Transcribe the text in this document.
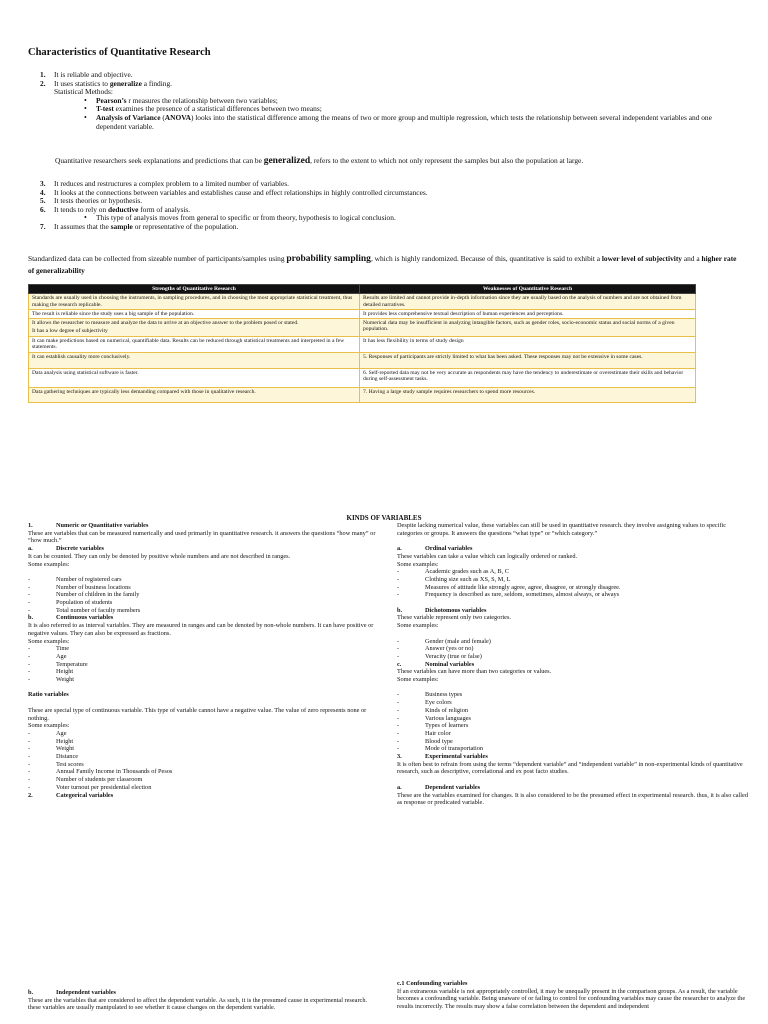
Characteristics of Quantitative Research
1. It is reliable and objective.
2. It uses statistics to generalize a finding.
Statistical Methods:
• Pearson’s r measures the relationship between two variables;
• T-test examines the presence of a statistical differences between two means;
• Analysis of Variance (ANOVA) looks into the statistical difference among the means of two or more group and multiple regression, which tests the relationship between several independent variables and one dependent variable.
Quantitative researchers seek explanations and predictions that can be generalized, refers to the extent to which not only represent the samples but also the population at large.
3. It reduces and restructures a complex problem to a limited number of variables.
4. It looks at the connections between variables and establishes cause and effect relationships in highly controlled circumstances.
5. It tests theories or hypothesis.
6. It tends to rely on deductive form of analysis.
• This type of analysis moves from general to specific or from theory, hypothesis to logical conclusion.
7. It assumes that the sample or representative of the population.
Standardized data can be collected from sizeable number of participants/samples using probability sampling, which is highly randomized. Because of this, quantitative is said to exhibit a lower level of subjectivity and a higher rate of generalizability
Strengths of Quantitative Research	Weaknesses of Quantitative Research
Standards are usually used in choosing the instruments, in sampling procedures, and in choosing the most appropriate statistical treatment, thus making the research replicable.	Results are limited and cannot provide in-depth information since they are usually based on the analysis of numbers and are not obtained from detailed narratives.
The result is reliable since the study uses a big sample of the population.	It provides less comprehensive textual description of human experiences and perceptions.
It allows the researcher to measure and analyze the data to arrive at an objective answer to the problem posed or stated.	Numerical data may be insufficient in analyzing intangible factors, such as gender roles, socio-economic status and social norms of a given population.
It has a low degree of subjectivity	
It can make predictions based on numerical, quantifiable data. Results can be reduced through statistical treatments and interpreted in a few statements.	It has less flexibility in terms of study design
It can establish causality more conclusively.	5. Responses of participants are strictly limited to what has been asked. These responses may not be extensive in some cases.
Data analysis using statistical software is faster.	6. Self-reported data may not be very accurate as respondents may have the tendency to underestimate or overestimate their skills and behavior during self-assessment tasks.
Data gathering techniques are typically less demanding compared with those in qualitative research.	7. Having a large study sample requires researchers to spend more resources.
KINDS OF VARIABLES
1.	Numeric or Quantitative variables
These are variables that can be measured numerically and used primarily in quantitative research. it answers the questions “how many” or “how much.”
a.	Discrete variables
It can be counted. They can only be denoted by positive whole numbers and are not described in ranges.
Some examples:
- Number of registered cars
- Number of business locations
- Number of children in the family
- Population of students
- Total number of faculty members
b.	Continuous variables
It is also referred to as interval variables. They are measured in ranges and can be denoted by non-whole numbers. It can have positive or negative values. They can also be expressed as fractions.
Some examples:
- Time
- Age
- Temperature
- Height
- Weight
Ratio variables
These are special type of continuous variable. This type of variable cannot have a negative value. The value of zero represents none or nothing.
Some examples:
- Age
- Height
- Weight
- Distance
- Test scores
- Annual Family Income in Thousands of Pesos
- Number of students per classroom
- Voter turnout per presidential election
2.	Categorical variables
Despite lacking numerical value, these variables can still be used in quantitative research. they involve assigning values to specific categories or groups. It answers the questions “what type” or “which category.”
a.	Ordinal variables
These variables can take a value which can logically ordered or ranked.
Some examples:
- Academic grades such as A, B, C
- Clothing size such as XS, S, M, L
- Measures of attitude like strongly agree, agree, disagree, or strongly disagree.
- Frequency is described as rare, seldom, sometimes, almost always, or always
b.	Dichotomous variables
These variable represent only two categories.
Some examples:
- Gender (male and female)
- Answer (yes or no)
- Veracity (true or false)
c.	Nominal variables
These variables can have more than two categories or values.
Some examples:
- Business types
- Eye colors
- Kinds of religion
- Various languages
- Types of learners
- Hair color
- Blood type
- Mode of transportation
3.	Experimental variables
It is often best to refrain from using the terms “dependent variable” and “independent variable” in non-experimental kinds of quantitative research, such as descriptive, correlational and ex post facto studies.
a.	Dependent variables
These are the variables examined for changes. It is also considered to be the presumed effect in experimental research. thus, it is also called as response or predicated variable.
b.	Independent variables
These are the variables that are considered to affect the dependent variable. As such, it is the presumed cause in experimental research. these variables are usually manipulated to see whether it cause changes on the dependent variable.
c.1 Confounding variables
If an extraneous variable is not appropriately controlled, it may be unequally present in the comparison groups. As a result, the variable becomes a confounding variable. Being unaware of or failing to control for confounding variables may cause the researcher to analyze the results incorrectly. The results may show a false correlation between the dependent and independent
